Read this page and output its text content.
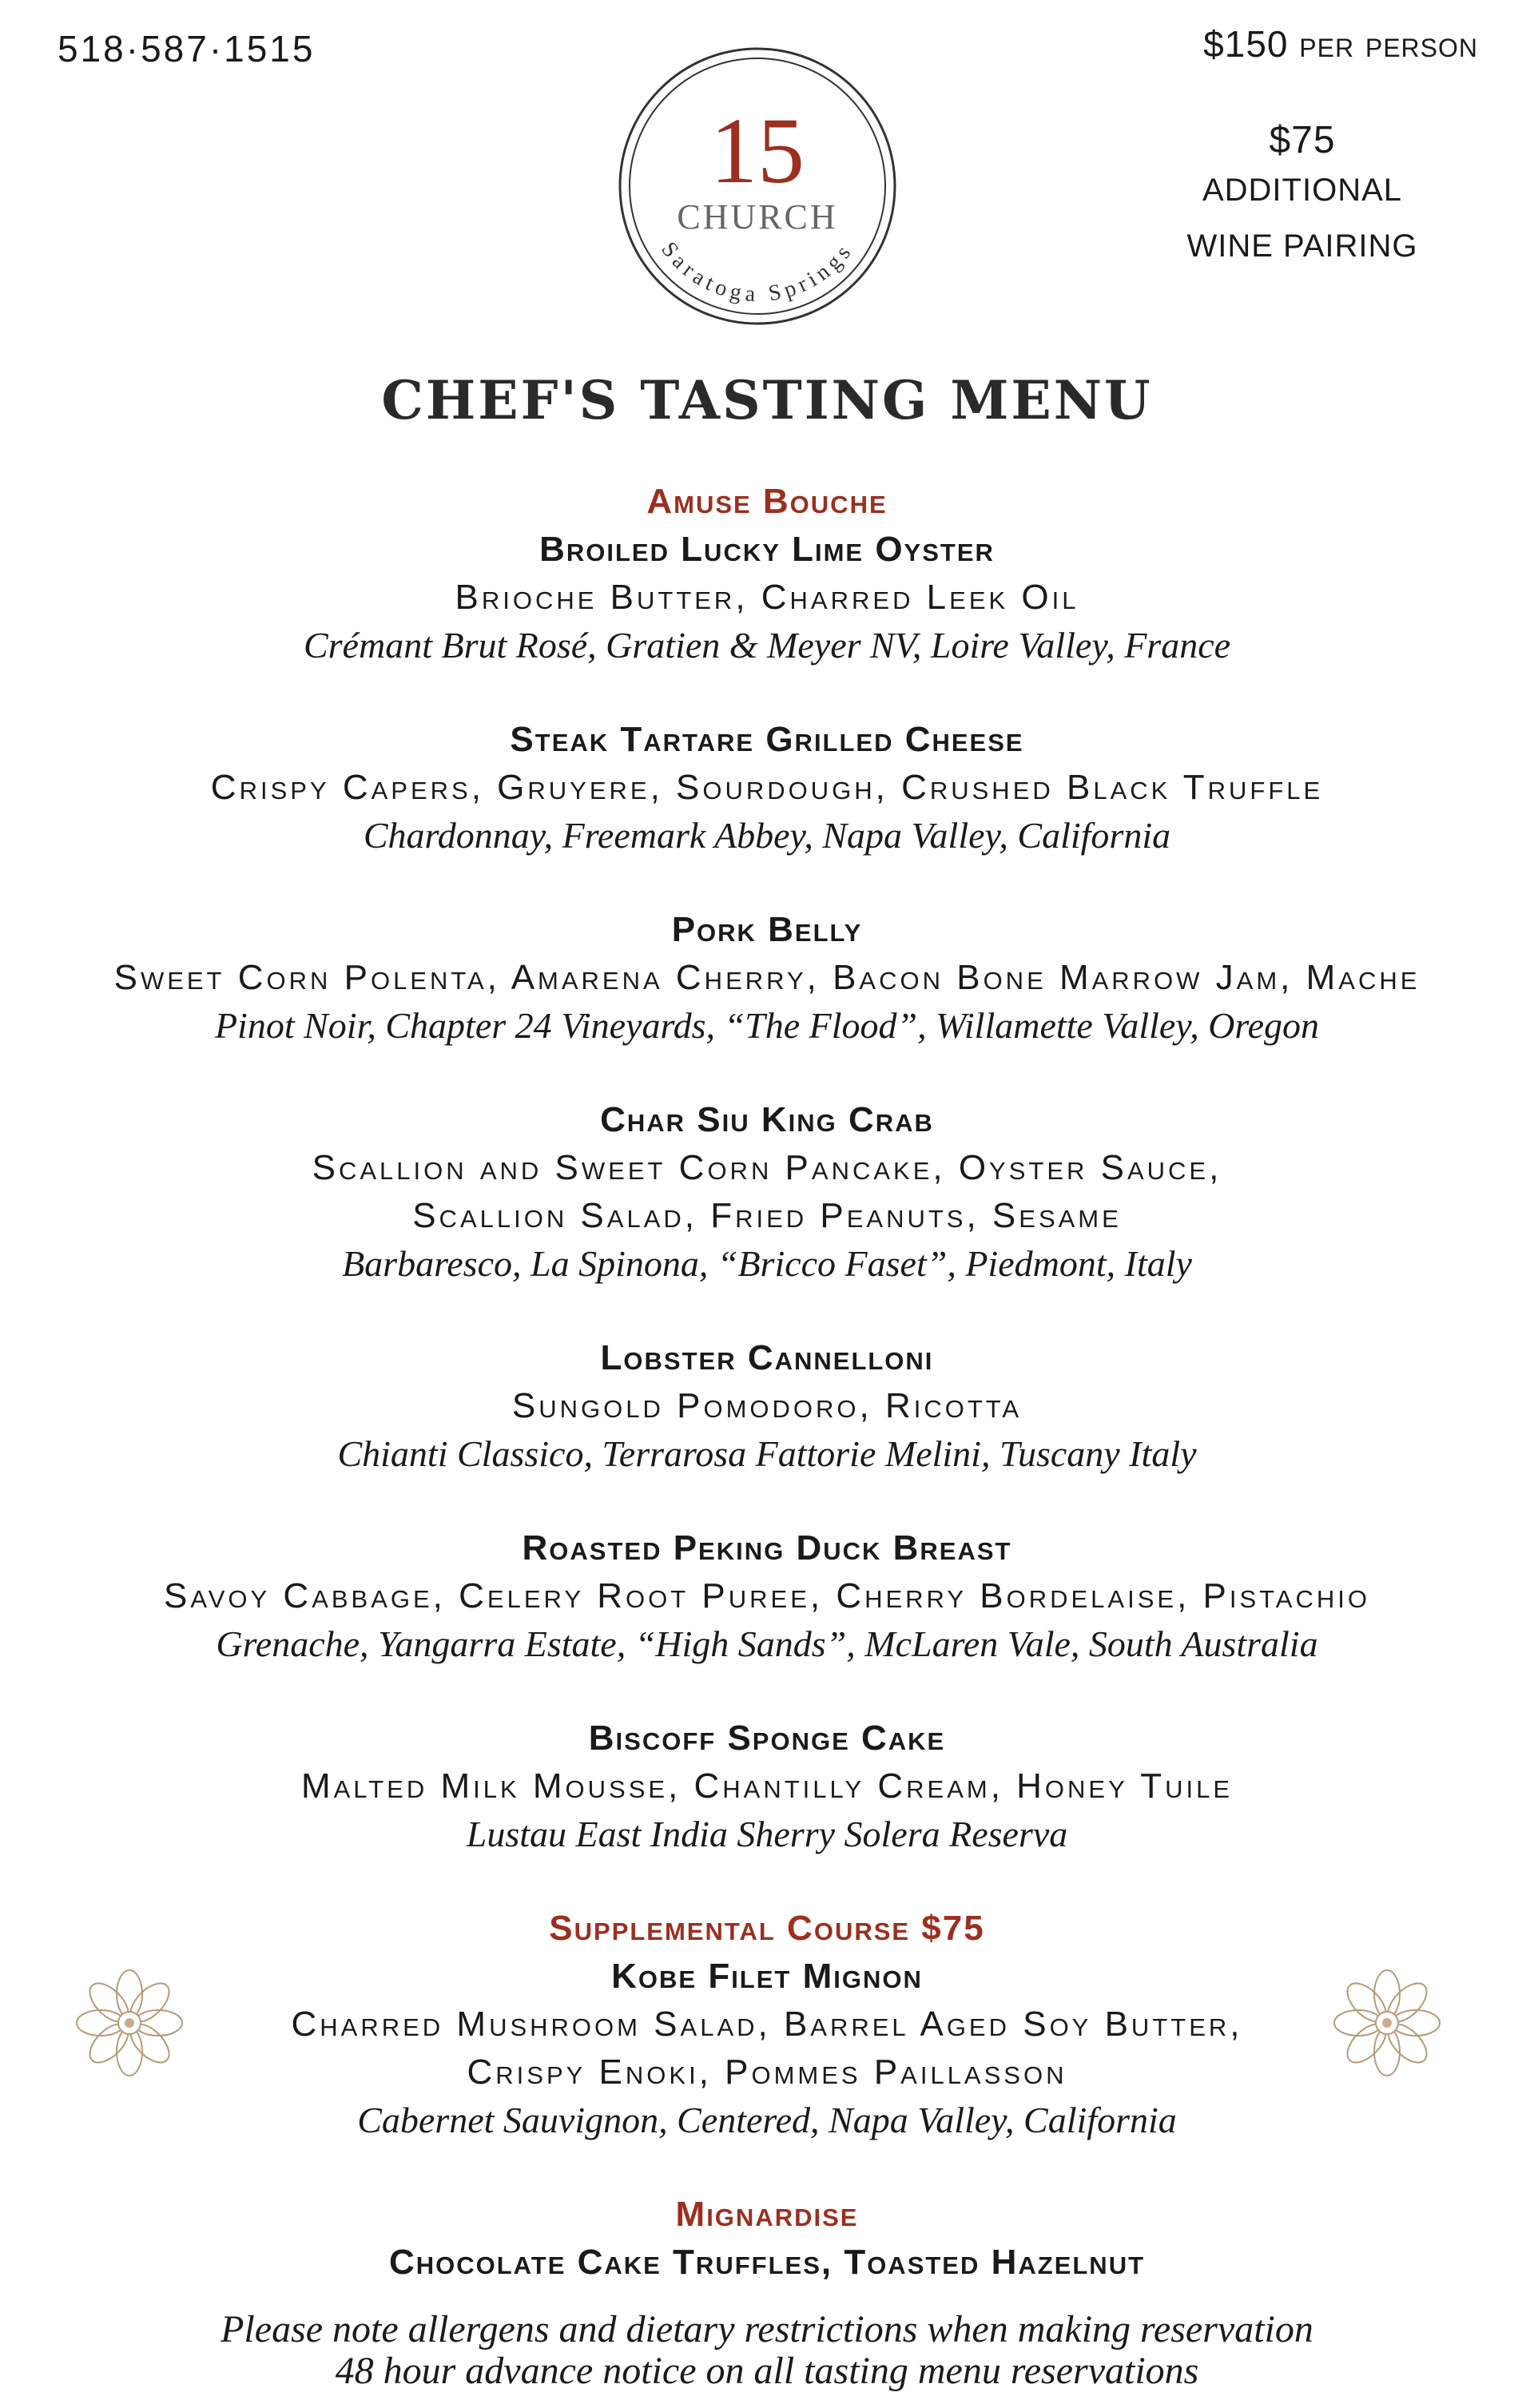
518·587·1515	$150 per person
$75
ADDITIONAL
WINE PAIRING
15
CHURCH
Saratoga Springs
CHEF'S TASTING MENU
Amuse Bouche
Broiled Lucky Lime Oyster
Brioche Butter, Charred Leek Oil
Crémant Brut Rosé, Gratien & Meyer NV, Loire Valley, France
Steak Tartare Grilled Cheese
Crispy Capers, Gruyere, Sourdough, Crushed Black Truffle
Chardonnay, Freemark Abbey, Napa Valley, California
Pork Belly
Sweet Corn Polenta, Amarena Cherry, Bacon Bone Marrow Jam, Mache
Pinot Noir, Chapter 24 Vineyards, “The Flood”, Willamette Valley, Oregon
Char Siu King Crab
Scallion and Sweet Corn Pancake, Oyster Sauce,
Scallion Salad, Fried Peanuts, Sesame
Barbaresco, La Spinona, “Bricco Faset”, Piedmont, Italy
Lobster Cannelloni
Sungold Pomodoro, Ricotta
Chianti Classico, Terrarosa Fattorie Melini, Tuscany Italy
Roasted Peking Duck Breast
Savoy Cabbage, Celery Root Puree, Cherry Bordelaise, Pistachio
Grenache, Yangarra Estate, “High Sands”, McLaren Vale, South Australia
Biscoff Sponge Cake
Malted Milk Mousse, Chantilly Cream, Honey Tuile
Lustau East India Sherry Solera Reserva
Supplemental Course $75
Kobe Filet Mignon
Charred Mushroom Salad, Barrel Aged Soy Butter,
Crispy Enoki, Pommes Paillasson
Cabernet Sauvignon, Centered, Napa Valley, California
Mignardise
Chocolate Cake Truffles, Toasted Hazelnut
Please note allergens and dietary restrictions when making reservation
48 hour advance notice on all tasting menu reservations
